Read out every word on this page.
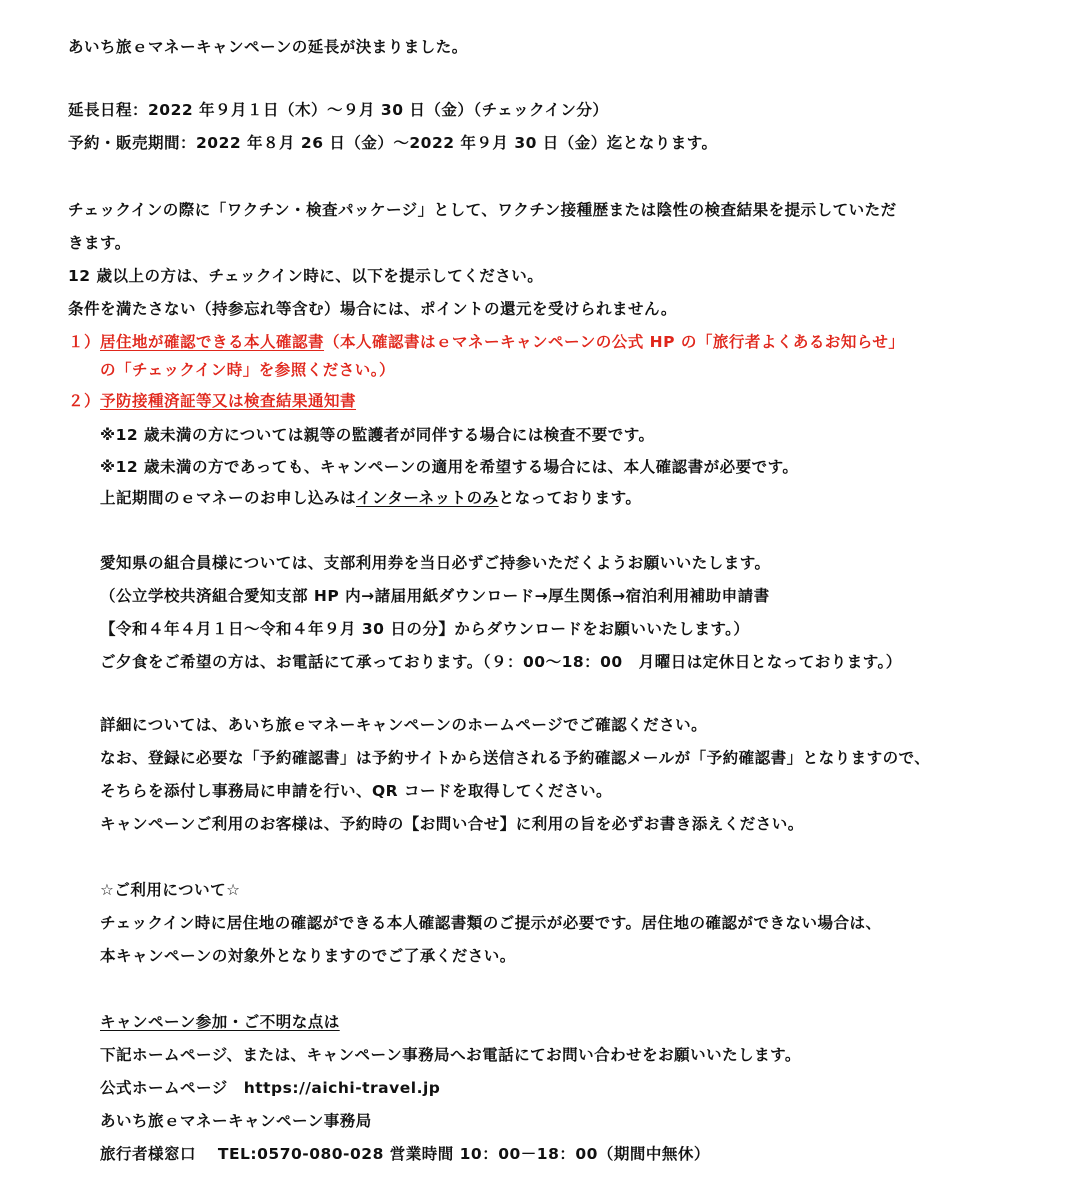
あいち旅ｅマネーキャンペーンの延長が決まりました。
延長日程：2022 年９月１日（木）～９月 30 日（金）（チェックイン分）
予約・販売期間：2022 年８月 26 日（金）～2022 年９月 30 日（金）迄となります。
チェックインの際に「ワクチン・検査パッケージ」として、ワクチン接種歴または陰性の検査結果を提示していただ
きます。
12 歳以上の方は、チェックイン時に、以下を提示してください。
条件を満たさない（持参忘れ等含む）場合には、ポイントの還元を受けられません。
１）居住地が確認できる本人確認書（本人確認書はｅマネーキャンペーンの公式 HP の「旅行者よくあるお知らせ」
の「チェックイン時」を参照ください。）
２）予防接種済証等又は検査結果通知書
※12 歳未満の方については親等の監護者が同伴する場合には検査不要です。
※12 歳未満の方であっても、キャンペーンの適用を希望する場合には、本人確認書が必要です。
上記期間のｅマネーのお申し込みはインターネットのみとなっております。
愛知県の組合員様については、支部利用券を当日必ずご持参いただくようお願いいたします。
（公立学校共済組合愛知支部 HP 内→諸届用紙ダウンロード→厚生関係→宿泊利用補助申請書
【令和４年４月１日～令和４年９月 30 日の分】からダウンロードをお願いいたします。）
ご夕食をご希望の方は、お電話にて承っております。（９：00～18：00　月曜日は定休日となっております。）
詳細については、あいち旅ｅマネーキャンペーンのホームページでご確認ください。
なお、登録に必要な「予約確認書」は予約サイトから送信される予約確認メールが「予約確認書」となりますので、
そちらを添付し事務局に申請を行い、QR コードを取得してください。
キャンペーンご利用のお客様は、予約時の【お問い合せ】に利用の旨を必ずお書き添えください。
☆ご利用について☆
チェックイン時に居住地の確認ができる本人確認書類のご提示が必要です。居住地の確認ができない場合は、
本キャンペーンの対象外となりますのでご了承ください。
キャンペーン参加・ご不明な点は
下記ホームページ、または、キャンペーン事務局へお電話にてお問い合わせをお願いいたします。
公式ホームページ　https://aichi-travel.jp
あいち旅ｅマネーキャンペーン事務局
旅行者様窓口　 TEL:0570-080-028 営業時間 10：00－18：00（期間中無休）
